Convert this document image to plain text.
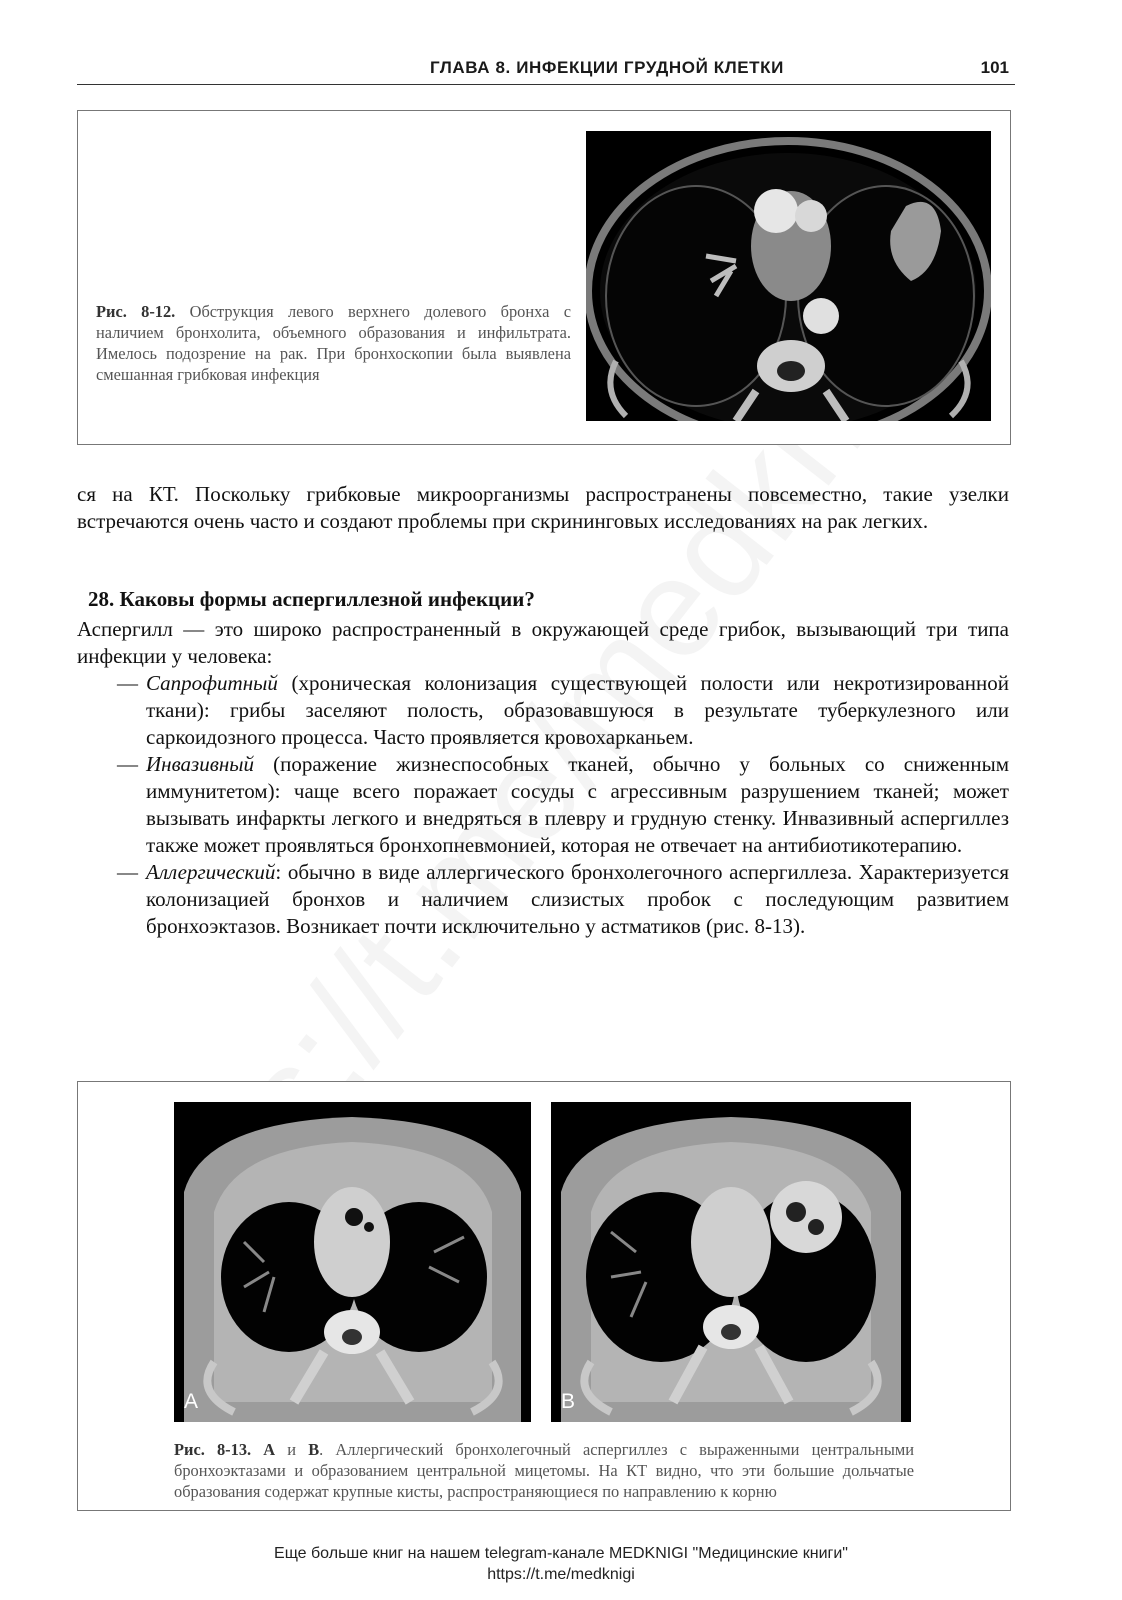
ГЛАВА 8. ИНФЕКЦИИ ГРУДНОЙ КЛЕТКИ	101
Рис. 8-12. Обструкция левого верхнего долевого бронха с наличием бронхолита, объемного образования и инфильтрата. Имелось подозрение на рак. При бронхоскопии была выявлена смешанная грибковая инфекция
ся на КТ. Поскольку грибковые микроорганизмы распространены повсеместно, такие узелки встречаются очень часто и создают проблемы при скрининговых исследованиях на рак легких.
28. Каковы формы аспергиллезной инфекции?
Аспергилл — это широко распространенный в окружающей среде грибок, вызывающий три типа инфекции у человека:
— Сапрофитный (хроническая колонизация существующей полости или некротизированной ткани): грибы заселяют полость, образовавшуюся в результате туберкулезного или саркоидозного процесса. Часто проявляется кровохарканьем.
— Инвазивный (поражение жизнеспособных тканей, обычно у больных со сниженным иммунитетом): чаще всего поражает сосуды с агрессивным разрушением тканей; может вызывать инфаркты легкого и внедряться в плевру и грудную стенку. Инвазивный аспергиллез также может проявляться бронхопневмонией, которая не отвечает на антибиотикотерапию.
— Аллергический: обычно в виде аллергического бронхолегочного аспергиллеза. Характеризуется колонизацией бронхов и наличием слизистых пробок с последующим развитием бронхоэктазов. Возникает почти исключительно у астматиков (рис. 8-13).
A	B
Рис. 8-13. А и В. Аллергический бронхолегочный аспергиллез с выраженными центральными бронхоэктазами и образованием центральной мицетомы. На КТ видно, что эти большие дольчатые образования содержат крупные кисты, распространяющиеся по направлению к корню
Еще больше книг на нашем telegram-канале MEDKNIGI "Медицинские книги"
https://t.me/medknigi
